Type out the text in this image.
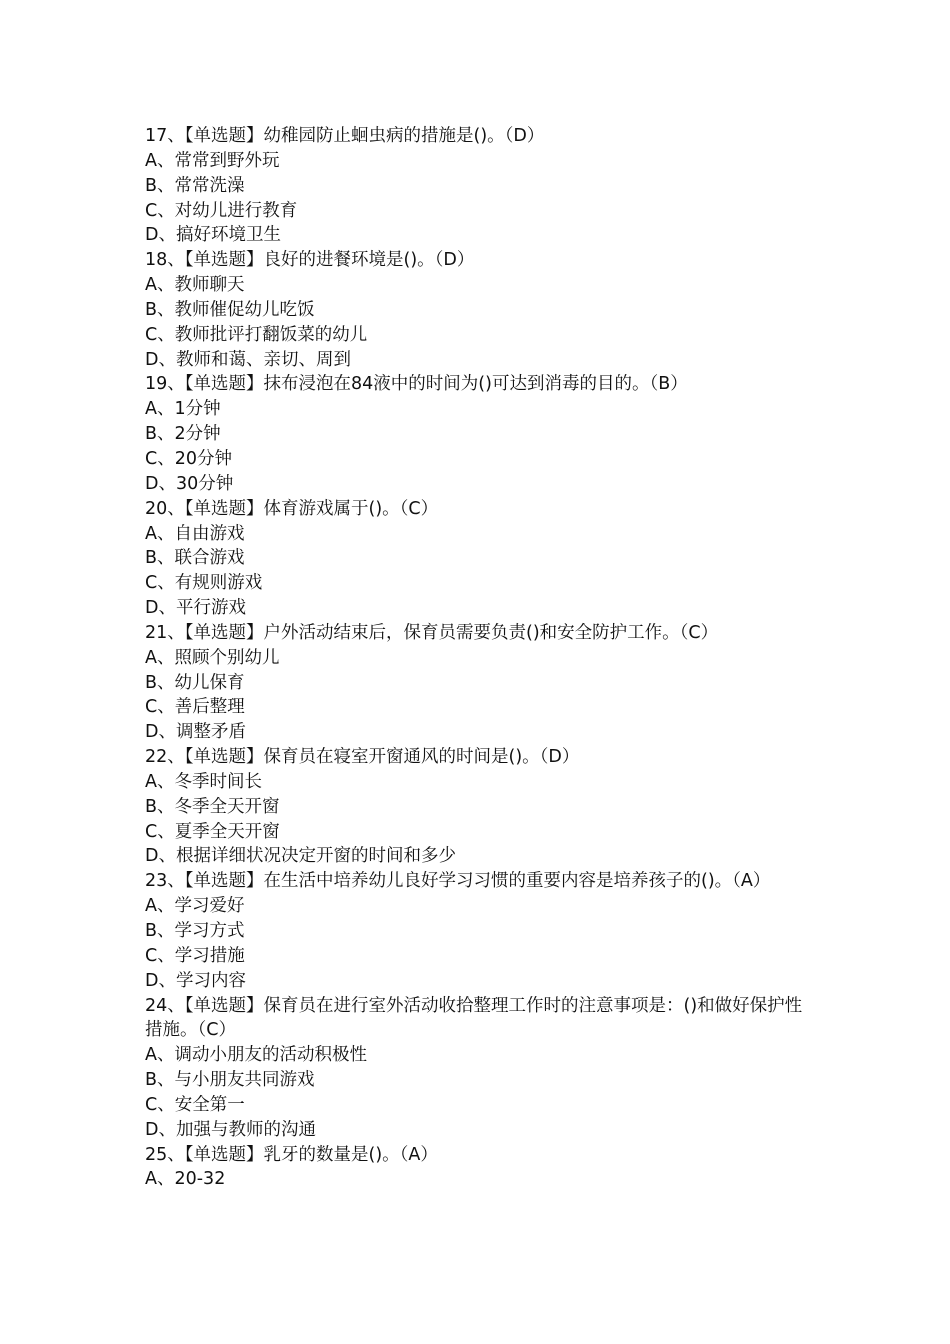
17、【单选题】幼稚园防止蛔虫病的措施是()。（D）

A、常常到野外玩

B、常常洗澡

C、对幼儿进行教育

D、搞好环境卫生

18、【单选题】良好的进餐环境是()。（D）

A、教师聊天

B、教师催促幼儿吃饭

C、教师批评打翻饭菜的幼儿

D、教师和蔼、亲切、周到

19、【单选题】抹布浸泡在84液中的时间为()可达到消毒的目的。（B）

A、1分钟

B、2分钟

C、20分钟

D、30分钟

20、【单选题】体育游戏属于()。（C）

A、自由游戏

B、联合游戏

C、有规则游戏

D、平行游戏

21、【单选题】户外活动结束后，保育员需要负责()和安全防护工作。（C）

A、照顾个别幼儿

B、幼儿保育

C、善后整理

D、调整矛盾

22、【单选题】保育员在寝室开窗通风的时间是()。（D）

A、冬季时间长

B、冬季全天开窗

C、夏季全天开窗

D、根据详细状况决定开窗的时间和多少

23、【单选题】在生活中培养幼儿良好学习习惯的重要内容是培养孩子的()。（A）

A、学习爱好

B、学习方式

C、学习措施

D、学习内容

24、【单选题】保育员在进行室外活动收拾整理工作时的注意事项是：()和做好保护性措施。（C）

A、调动小朋友的活动积极性

B、与小朋友共同游戏

C、安全第一

D、加强与教师的沟通

25、【单选题】乳牙的数量是()。（A）

A、20-32
